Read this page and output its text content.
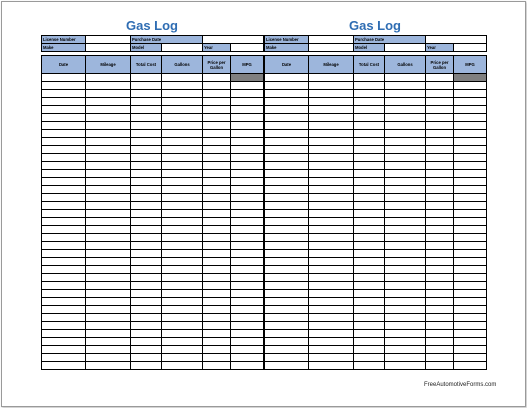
Gas Log
License Number		Purchase Date			
Make		Model		Year	
Date	Mileage	Total Cost	Gallons	Price per Gallon	MPG

Gas Log
License Number		Purchase Date			
Make		Model		Year	
Date	Mileage	Total Cost	Gallons	Price per Gallon	MPG

FreeAutomotiveForms.com
